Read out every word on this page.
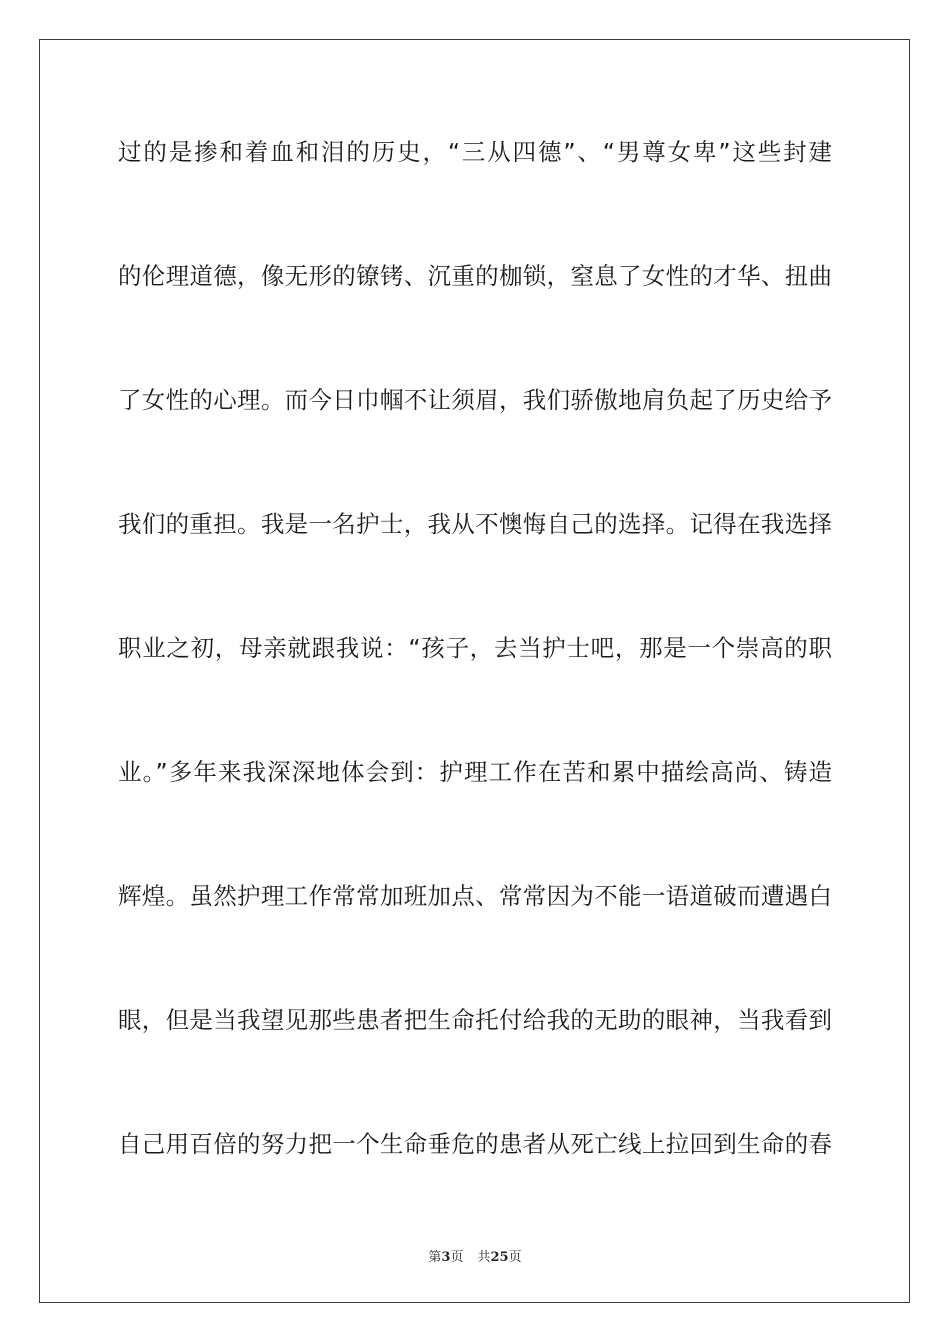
过的是掺和着血和泪的历史，“三从四德”、“男尊女卑”这些封建
的伦理道德，像无形的镣铐、沉重的枷锁，窒息了女性的才华、扭曲
了女性的心理。而今日巾帼不让须眉，我们骄傲地肩负起了历史给予
我们的重担。我是一名护士，我从不懊悔自己的选择。记得在我选择
职业之初，母亲就跟我说：“孩子，去当护士吧，那是一个崇高的职
业。”多年来我深深地体会到：护理工作在苦和累中描绘高尚、铸造
辉煌。虽然护理工作常常加班加点、常常因为不能一语道破而遭遇白
眼，但是当我望见那些患者把生命托付给我的无助的眼神，当我看到
自己用百倍的努力把一个生命垂危的患者从死亡线上拉回到生命的春
第3页 共25页
